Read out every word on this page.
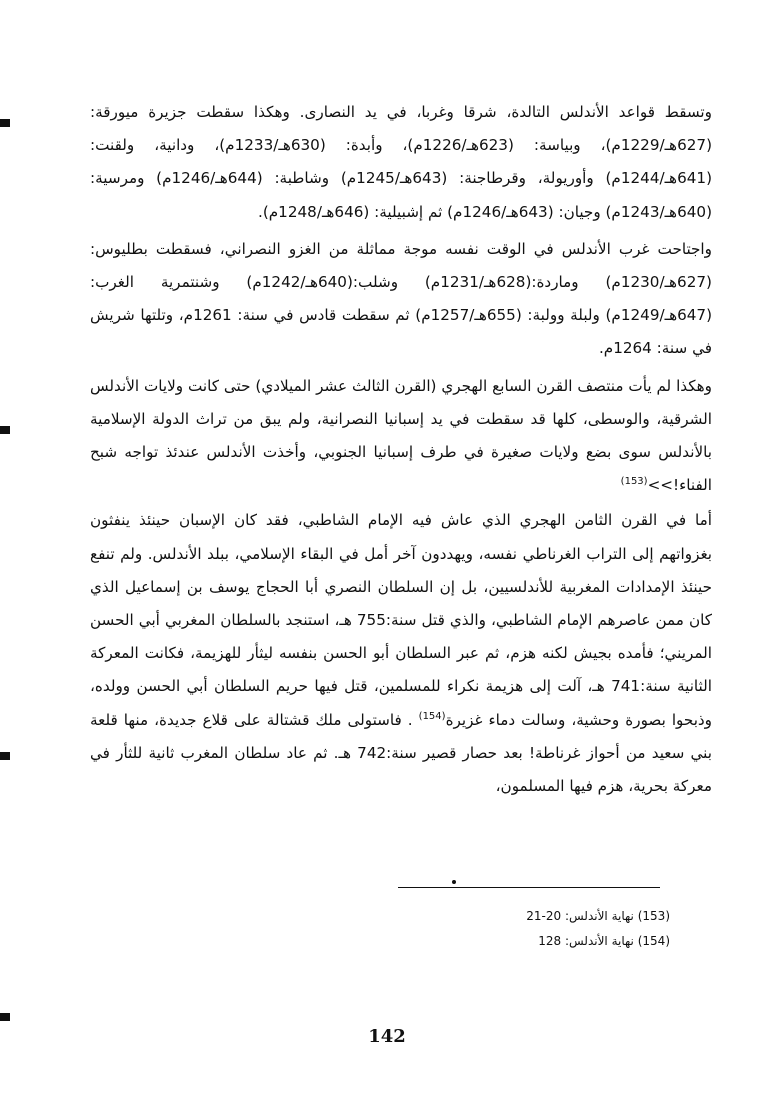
وتسقط قواعد الأندلس التالدة، شرقا وغربا، في يد النصارى. وهكذا سقطت جزيرة ميورقة: (627هـ/1229م)، وبياسة: (623هـ/1226م)، وأبدة: (630هـ/1233م)، ودانية، ولقنت: (641هـ/1244م) وأوريولة، وقرطاجنة: (643هـ/1245م) وشاطبة: (644هـ/1246م) ومرسية: (640هـ/1243م) وجيان: (643هـ/1246م) ثم إشبيلية: (646هـ/1248م).

واجتاحت غرب الأندلس في الوقت نفسه موجة مماثلة من الغزو النصراني، فسقطت بطليوس:(627هـ/1230م) وماردة:(628هـ/1231م) وشلب:(640هـ/1242م) وشنتمرية الغرب: (647هـ/1249م) ولبلة وولبة: (655هـ/1257م) ثم سقطت قادس في سنة: 1261م، وتلتها شريش في سنة: 1264م.

وهكذا لم يأت منتصف القرن السابع الهجري (القرن الثالث عشر الميلادي) حتى كانت ولايات الأندلس الشرقية، والوسطى، كلها قد سقطت في يد إسبانيا النصرانية، ولم يبق من تراث الدولة الإسلامية بالأندلس سوى بضع ولايات صغيرة في طرف إسبانيا الجنوبي، وأخذت الأندلس عندئذ تواجه شبح الفناء!>>$^{(153)}$

أما في القرن الثامن الهجري الذي عاش فيه الإمام الشاطبي، فقد كان الإسبان حينئذ ينفثون بغزواتهم إلى التراب الغرناطي نفسه، ويهددون آخر أمل في البقاء الإسلامي، ببلد الأندلس. ولم تنفع حينئذ الإمدادات المغربية للأندلسيين، بل إن السلطان النصري أبا الحجاج يوسف بن إسماعيل الذي كان ممن عاصرهم الإمام الشاطبي، والذي قتل سنة:755 هـ، استنجد بالسلطان المغربي أبي الحسن المريني؛ فأمده بجيش لكنه هزم، ثم عبر السلطان أبو الحسن بنفسه ليثأر للهزيمة، فكانت المعركة الثانية سنة:741 هـ، آلت إلى هزيمة نكراء للمسلمين، قتل فيها حريم السلطان أبي الحسن وولده، وذبحوا بصورة وحشية، وسالت دماء غزيرة$^{(154)}$ . فاستولى ملك قشتالة على قلاع جديدة، منها قلعة بني سعيد من أحواز غرناطة! بعد حصار قصير سنة:742 هـ. ثم عاد سلطان المغرب ثانية للثأر في معركة بحرية، هزم فيها المسلمون،

(153) نهاية الأندلس: 20-21

(154) نهاية الأندلس: 128

142
